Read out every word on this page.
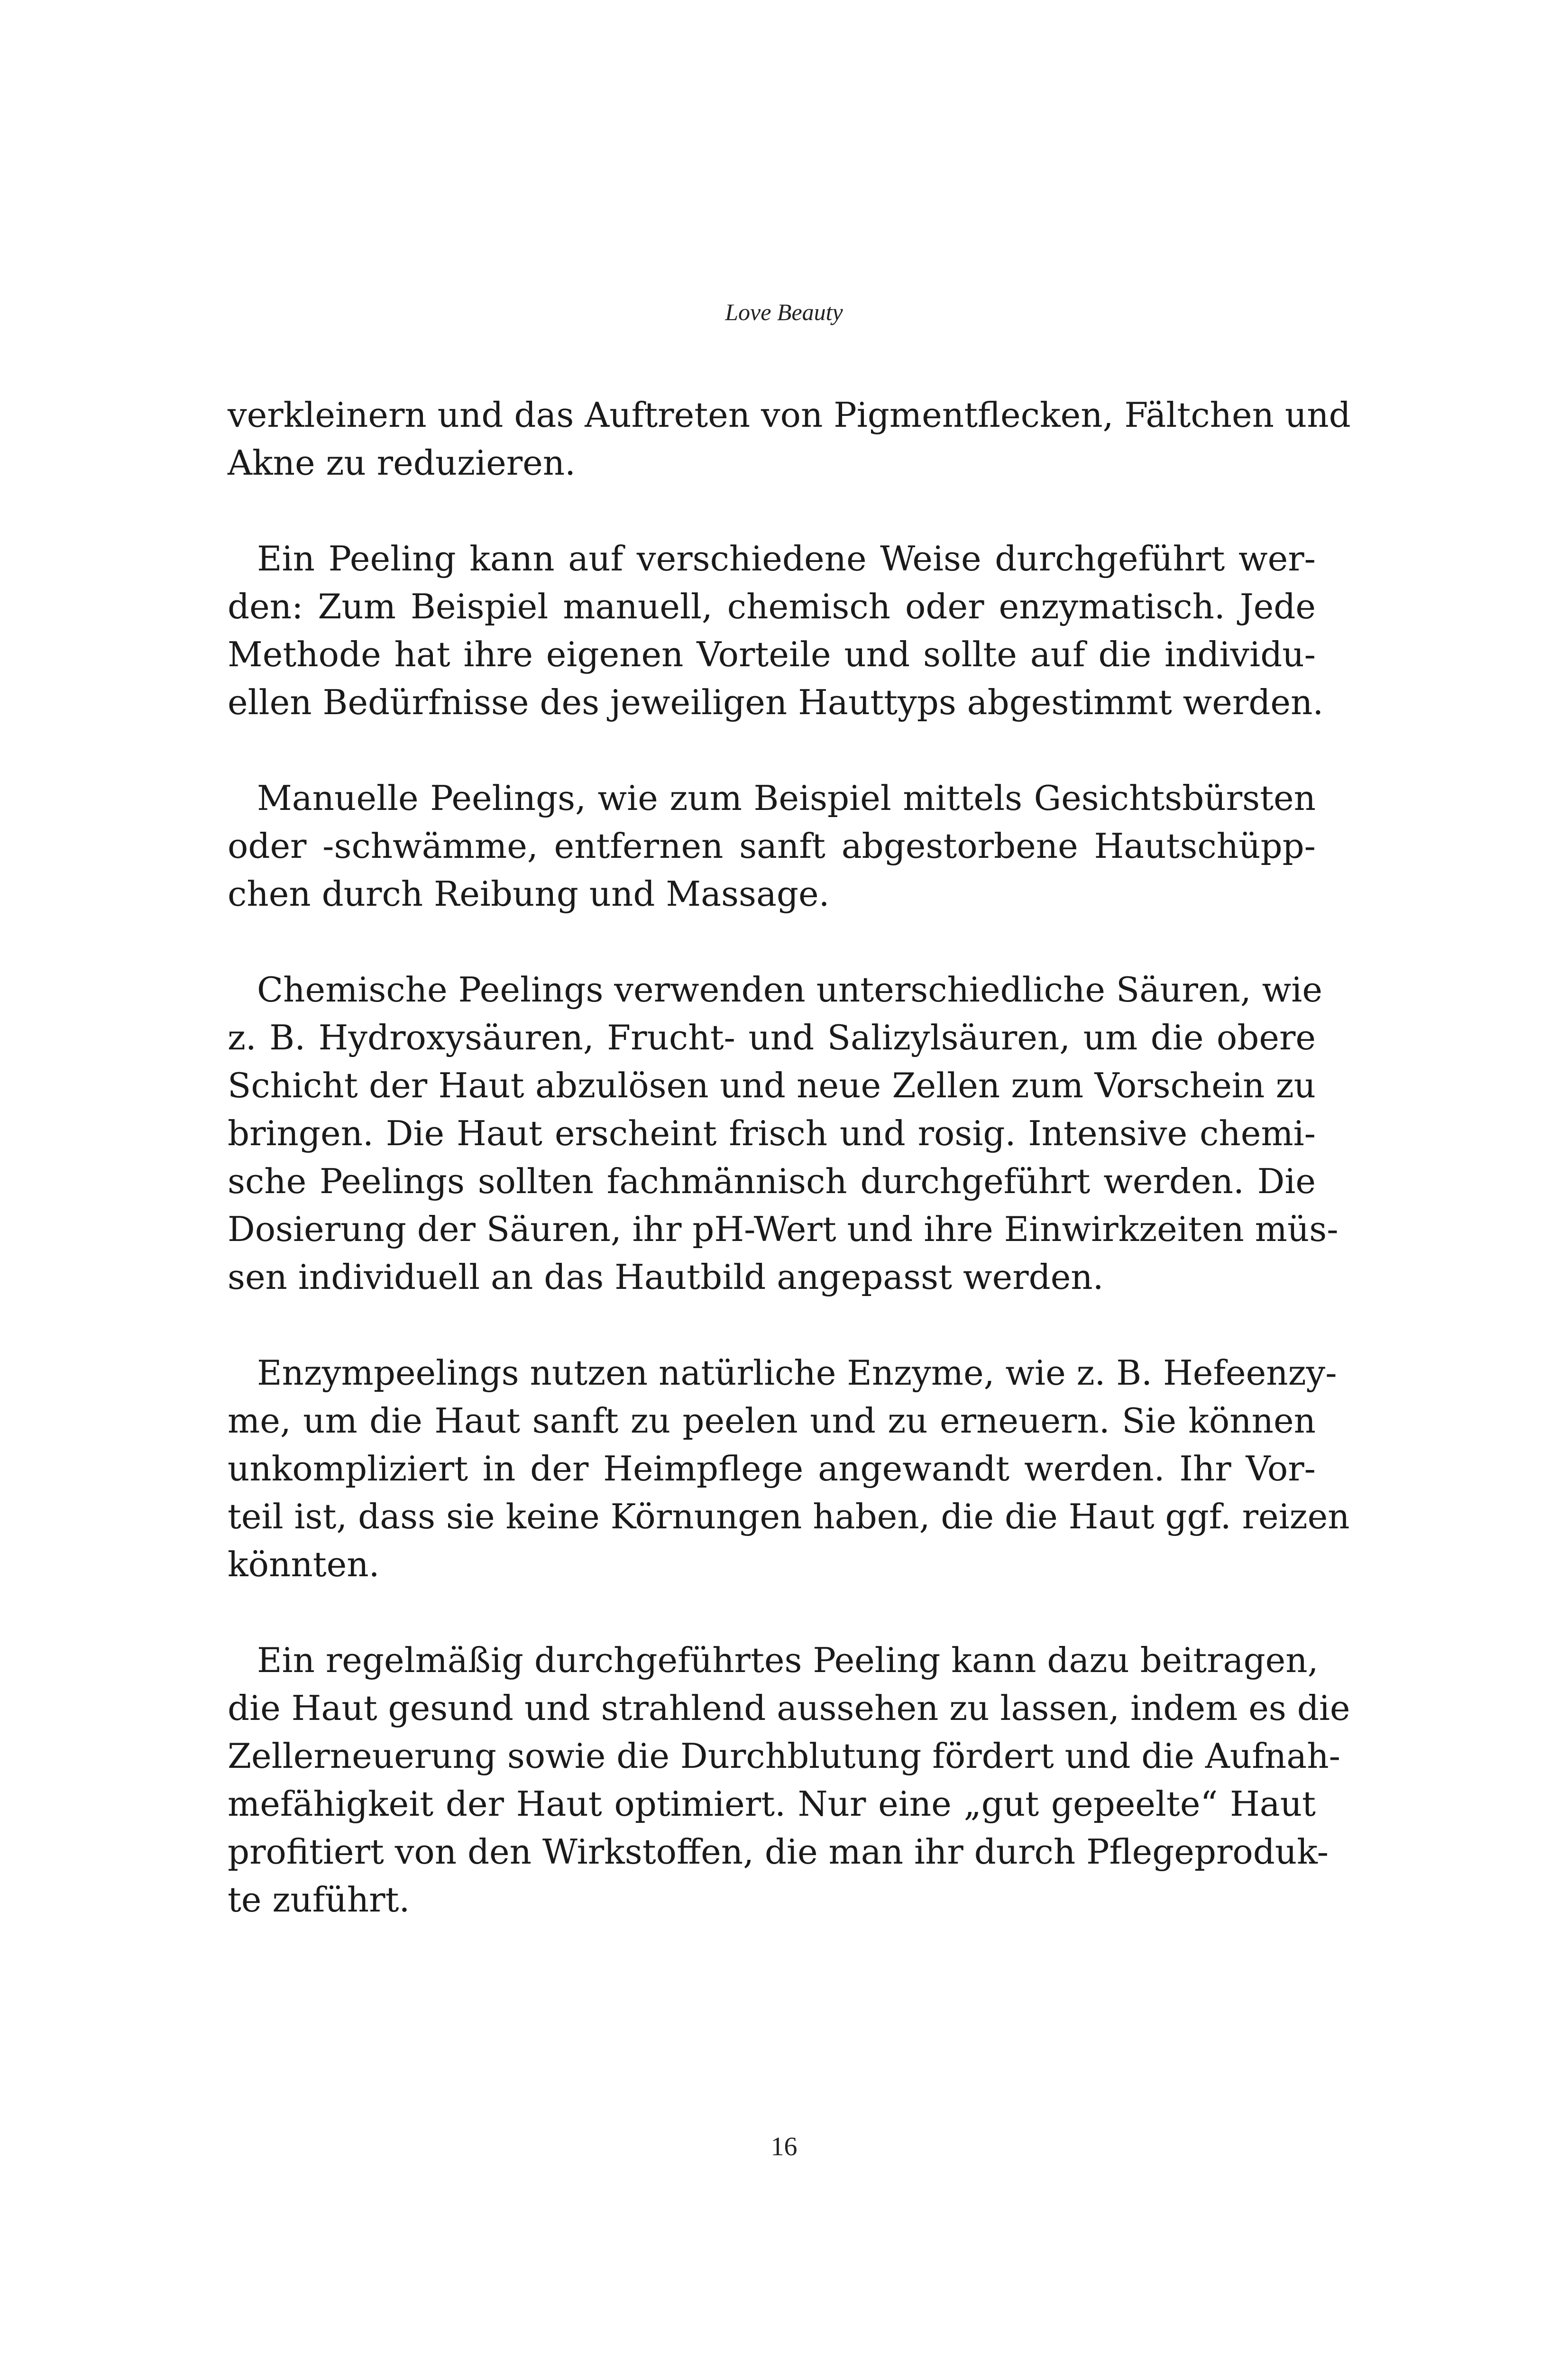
Love Beauty
verkleinern und das Auftreten von Pigmentflecken, Fältchen und
Akne zu reduzieren.
Ein Peeling kann auf verschiedene Weise durchgeführt wer-
den: Zum Beispiel manuell, chemisch oder enzymatisch. Jede
Methode hat ihre eigenen Vorteile und sollte auf die individu-
ellen Bedürfnisse des jeweiligen Hauttyps abgestimmt werden.
Manuelle Peelings, wie zum Beispiel mittels Gesichtsbürsten
oder -schwämme, entfernen sanft abgestorbene Hautschüpp-
chen durch Reibung und Massage.
Chemische Peelings verwenden unterschiedliche Säuren, wie
z. B. Hydroxysäuren, Frucht- und Salizylsäuren, um die obere
Schicht der Haut abzulösen und neue Zellen zum Vorschein zu
bringen. Die Haut erscheint frisch und rosig. Intensive chemi-
sche Peelings sollten fachmännisch durchgeführt werden. Die
Dosierung der Säuren, ihr pH-Wert und ihre Einwirkzeiten müs-
sen individuell an das Hautbild angepasst werden.
Enzympeelings nutzen natürliche Enzyme, wie z. B. Hefeenzy-
me, um die Haut sanft zu peelen und zu erneuern. Sie können
unkompliziert in der Heimpflege angewandt werden. Ihr Vor-
teil ist, dass sie keine Körnungen haben, die die Haut ggf. reizen
könnten.
Ein regelmäßig durchgeführtes Peeling kann dazu beitragen,
die Haut gesund und strahlend aussehen zu lassen, indem es die
Zellerneuerung sowie die Durchblutung fördert und die Aufnah-
mefähigkeit der Haut optimiert. Nur eine „gut gepeelte“ Haut
profitiert von den Wirkstoffen, die man ihr durch Pflegeproduk-
te zuführt.
16
